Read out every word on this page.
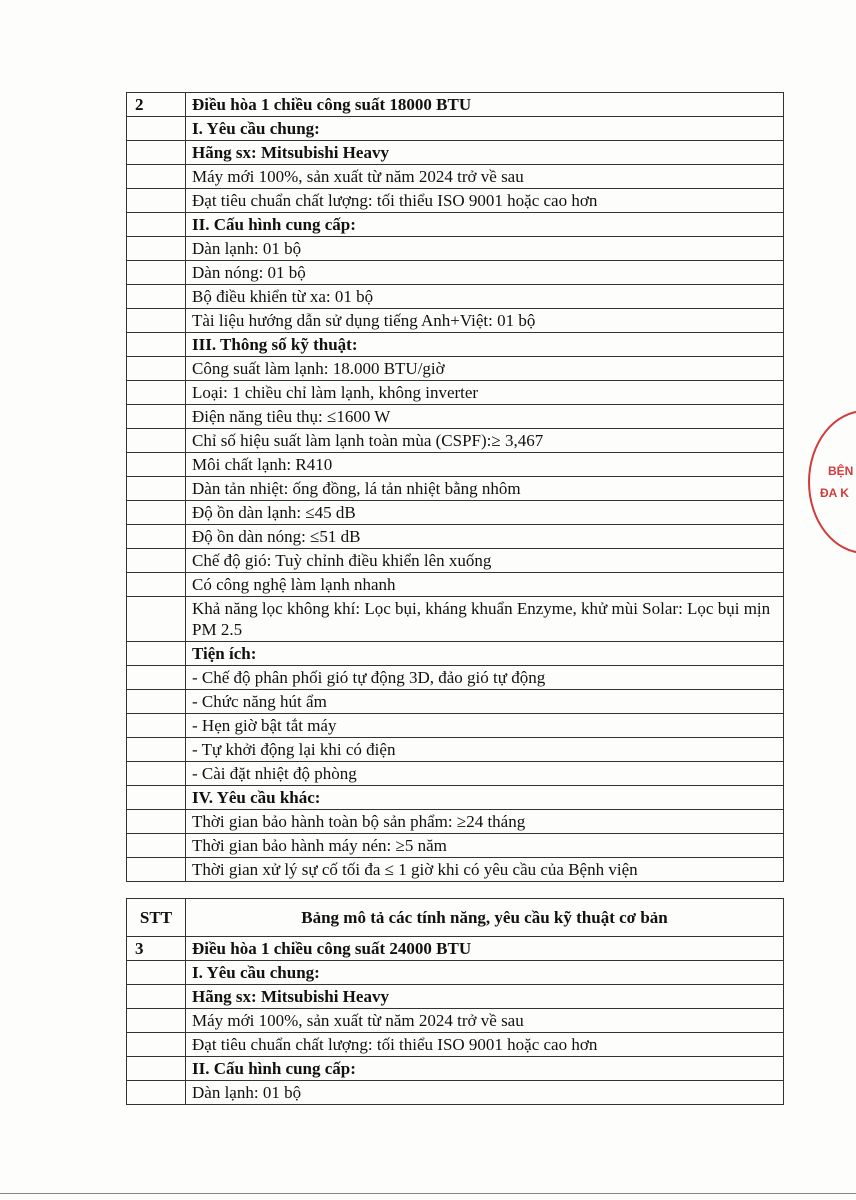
2	Điều hòa 1 chiều công suất 18000 BTU
	I. Yêu cầu chung:
	Hãng sx: Mitsubishi Heavy
	Máy mới 100%, sản xuất từ năm 2024 trở về sau
	Đạt tiêu chuẩn chất lượng: tối thiểu ISO 9001 hoặc cao hơn
	II. Cấu hình cung cấp:
	Dàn lạnh: 01 bộ
	Dàn nóng: 01 bộ
	Bộ điều khiển từ xa: 01 bộ
	Tài liệu hướng dẫn sử dụng tiếng Anh+Việt: 01 bộ
	III. Thông số kỹ thuật:
	Công suất làm lạnh: 18.000 BTU/giờ
	Loại: 1 chiều chỉ làm lạnh, không inverter
	Điện năng tiêu thụ: ≤1600 W
	Chỉ số hiệu suất làm lạnh toàn mùa (CSPF):≥ 3,467
	Môi chất lạnh: R410
	Dàn tản nhiệt: ống đồng, lá tản nhiệt bằng nhôm
	Độ ồn dàn lạnh: ≤45 dB
	Độ ồn dàn nóng: ≤51 dB
	Chế độ gió: Tuỳ chỉnh điều khiển lên xuống
	Có công nghệ làm lạnh nhanh
	Khả năng lọc không khí: Lọc bụi, kháng khuẩn Enzyme, khử mùi Solar: Lọc bụi mịn PM 2.5
	Tiện ích:
	- Chế độ phân phối gió tự động 3D, đảo gió tự động
	- Chức năng hút ẩm
	- Hẹn giờ bật tắt máy
	- Tự khởi động lại khi có điện
	- Cài đặt nhiệt độ phòng
	IV. Yêu cầu khác:
	Thời gian bảo hành toàn bộ sản phẩm: ≥24 tháng
	Thời gian bảo hành máy nén: ≥5 năm
	Thời gian xử lý sự cố tối đa ≤ 1 giờ khi có yêu cầu của Bệnh viện
STT	Bảng mô tả các tính năng, yêu cầu kỹ thuật cơ bản
3	Điều hòa 1 chiều công suất 24000 BTU
	I. Yêu cầu chung:
	Hãng sx: Mitsubishi Heavy
	Máy mới 100%, sản xuất từ năm 2024 trở về sau
	Đạt tiêu chuẩn chất lượng: tối thiểu ISO 9001 hoặc cao hơn
	II. Cấu hình cung cấp:
	Dàn lạnh: 01 bộ
BỆN
ĐA K
